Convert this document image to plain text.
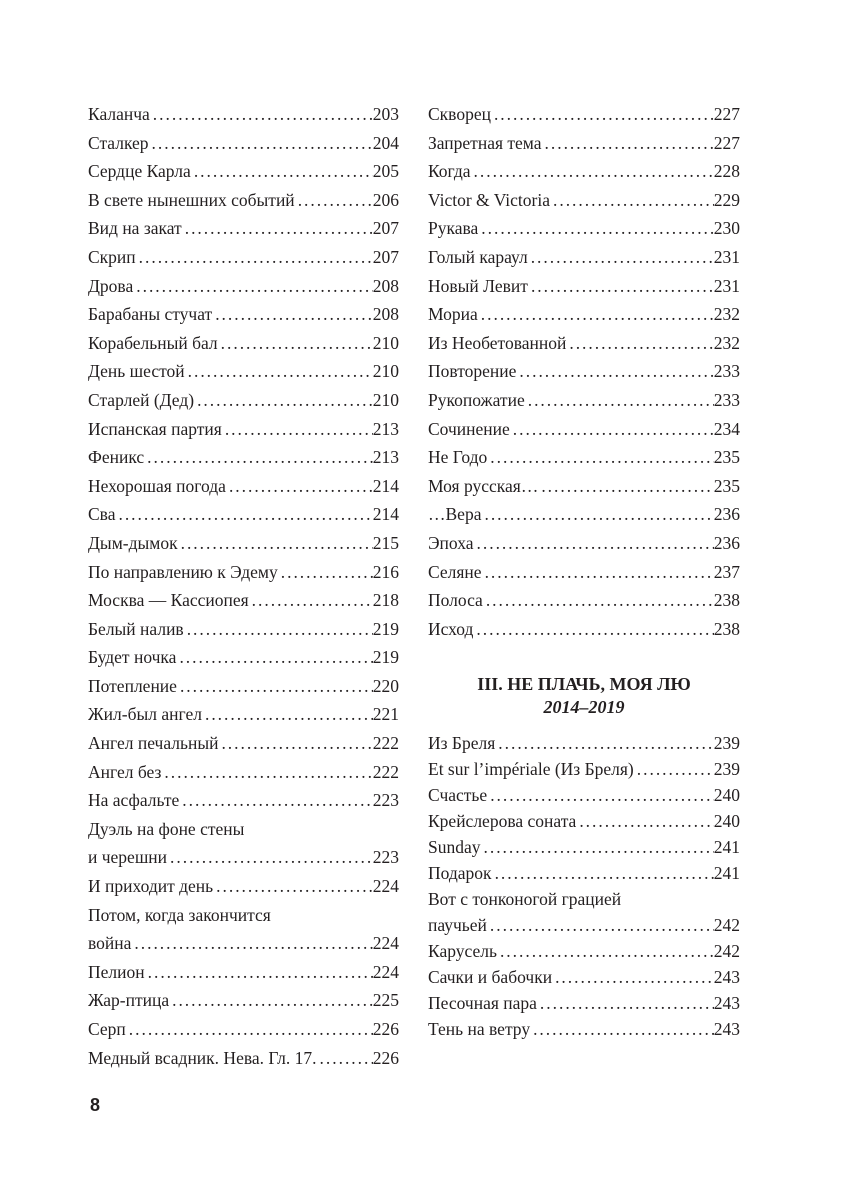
Каланча . . .	203
Сталкер . . .	204
Сердце Карла . . .	205
В свете нынешних событий . . .	206
Вид на закат . . .	207
Скрип . . .	207
Дрова . . .	208
Барабаны стучат . . .	208
Корабельный бал . . .	210
День шестой . . .	210
Старлей (Дед) . . .	210
Испанская партия . . .	213
Феникс . . .	213
Нехорошая погода . . .	214
Сва . . .	214
Дым-дымок . . .	215
По направлению к Эдему . . .	216
Москва — Кассиопея . . .	218
Белый налив . . .	219
Будет ночка . . .	219
Потепление . . .	220
Жил-был ангел . . .	221
Ангел печальный . . .	222
Ангел без . . .	222
На асфальте . . .	223
Дуэль на фоне стены
и черешни . . .	223
И приходит день . . .	224
Потом, когда закончится
война . . .	224
Пелион . . .	224
Жар-птица . . .	225
Серп . . .	226
Медный всадник. Нева. Гл. 17. . . .	226
Скворец . . .	227
Запретная тема . . .	227
Когда . . .	228
Victor & Victoria . . .	229
Рукава . . .	230
Голый караул . . .	231
Новый Левит . . .	231
Мориа . . .	232
Из Необетованной . . .	232
Повторение . . .	233
Рукопожатие . . .	233
Сочинение . . .	234
Не Годо . . .	235
Моя русская… . . .	235
…Вера . . .	236
Эпоха . . .	236
Селяне . . .	237
Полоса . . .	238
Исход . . .	238
III. НЕ ПЛАЧЬ, МОЯ ЛЮ
2014–2019
Из Бреля . . .	239
Et sur l’impériale (Из Бреля) . . .	239
Счастье . . .	240
Крейслерова соната . . .	240
Sunday . . .	241
Подарок . . .	241
Вот с тонконогой грацией
паучьей . . .	242
Карусель . . .	242
Сачки и бабочки . . .	243
Песочная пара . . .	243
Тень на ветру . . .	243
8
